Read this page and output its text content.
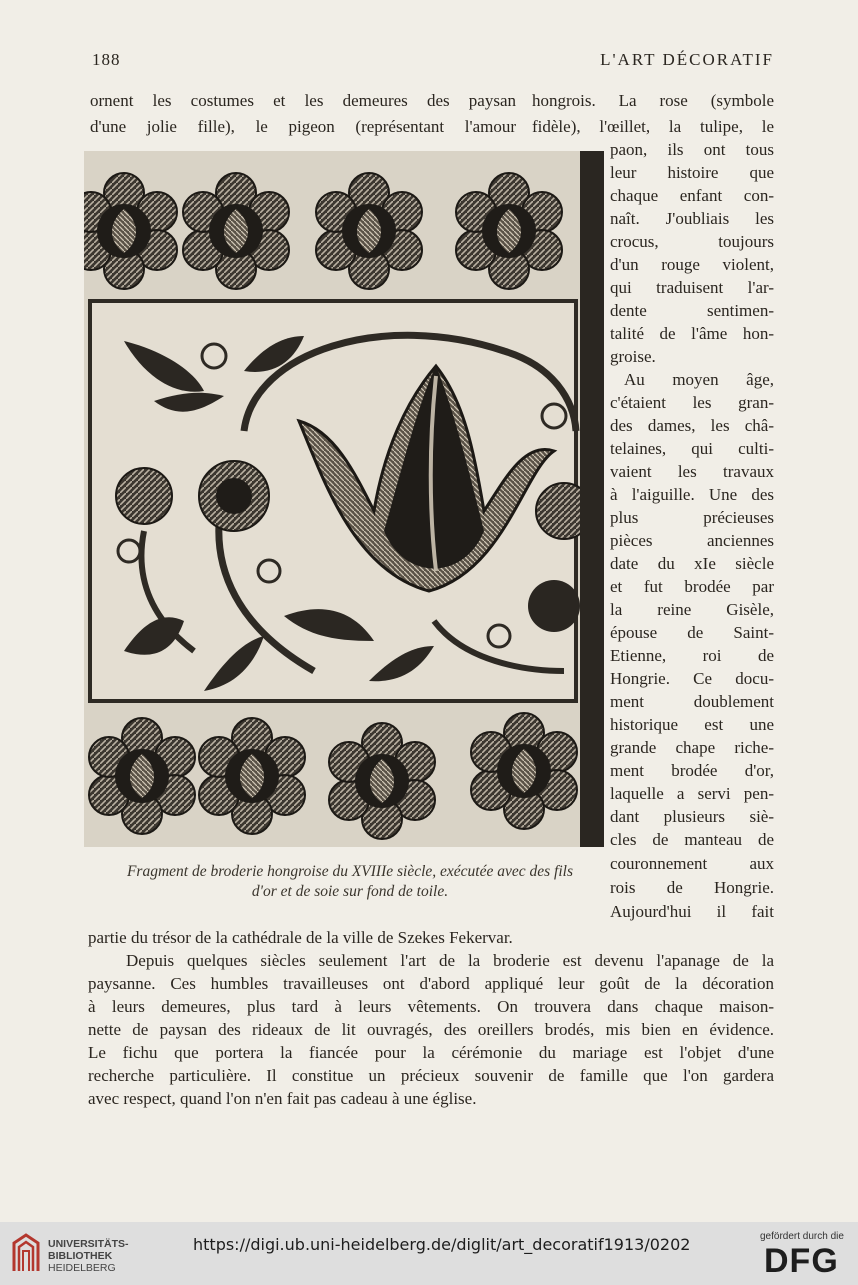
188	L'ART DÉCORATIF
ornent les costumes et les demeures des paysan hongrois. La rose (symbole
d'une jolie fille), le pigeon (représentant l'amour fidèle), l'œillet, la tulipe, le
Fragment de broderie hongroise du XVIIIe siècle, exécutée avec des fils
d'or et de soie sur fond de toile.
paon, ils ont tous
leur histoire que
chaque enfant con-
naît. J'oubliais les
crocus, toujours
d'un rouge violent,
qui traduisent l'ar-
dente sentimen-
talité de l'âme hon-
groise.
Au moyen âge,
c'étaient les gran-
des dames, les châ-
telaines, qui culti-
vaient les travaux
à l'aiguille. Une des
plus précieuses
pièces anciennes
date du xIe siècle
et fut brodée par
la reine Gisèle,
épouse de Saint-
Etienne, roi de
Hongrie. Ce docu-
ment doublement
historique est une
grande chape riche-
ment brodée d'or,
laquelle a servi pen-
dant plusieurs siè-
cles de manteau de
couronnement aux
rois de Hongrie.
Aujourd'hui il fait
partie du trésor de la cathédrale de la ville de Szekes Fekervar.
Depuis quelques siècles seulement l'art de la broderie est devenu l'apanage de la
paysanne. Ces humbles travailleuses ont d'abord appliqué leur goût de la décoration
à leurs demeures, plus tard à leurs vêtements. On trouvera dans chaque maison-
nette de paysan des rideaux de lit ouvragés, des oreillers brodés, mis bien en évidence.
Le fichu que portera la fiancée pour la cérémonie du mariage est l'objet d'une
recherche particulière. Il constitue un précieux souvenir de famille que l'on gardera
avec respect, quand l'on n'en fait pas cadeau à une église.
UNIVERSITÄTS-
BIBLIOTHEK
HEIDELBERG
https://digi.ub.uni-heidelberg.de/diglit/art_decoratif1913/0202	gefördert durch die
DFG
